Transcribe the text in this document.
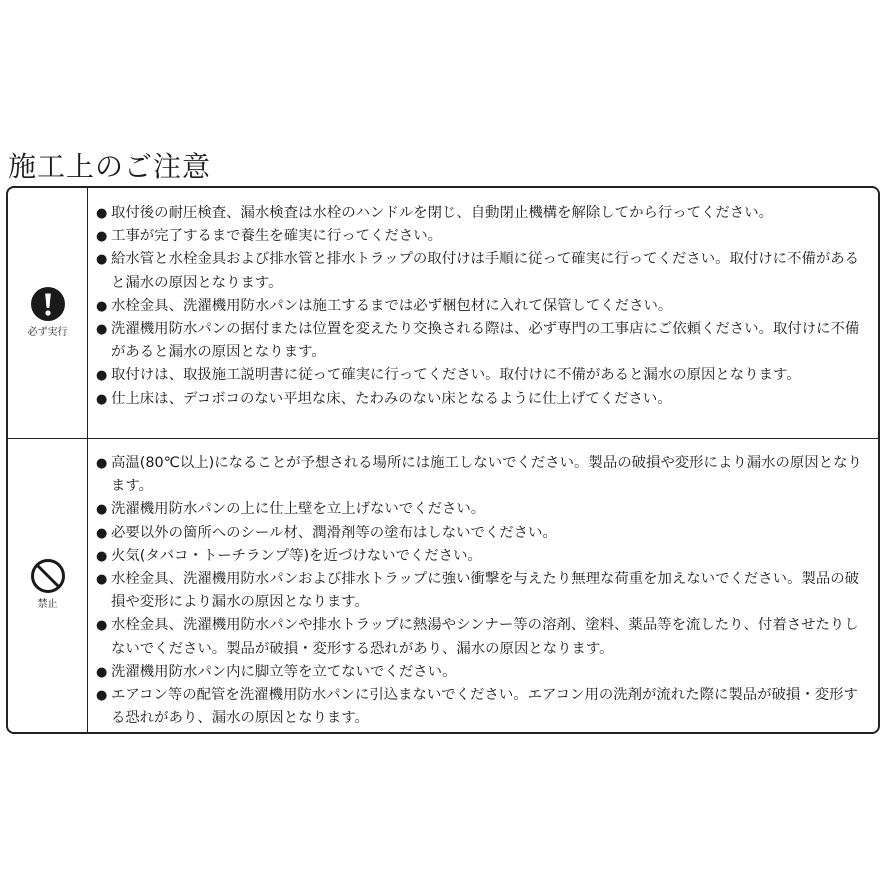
施工上のご注意
必ず実行
● 取付後の耐圧検査、漏水検査は水栓のハンドルを閉じ、自動閉止機構を解除してから行ってください。
● 工事が完了するまで養生を確実に行ってください。
● 給水管と水栓金具および排水管と排水トラップの取付けは手順に従って確実に行ってください。取付けに不備があると漏水の原因となります。
● 水栓金具、洗濯機用防水パンは施工するまでは必ず梱包材に入れて保管してください。
● 洗濯機用防水パンの据付または位置を変えたり交換される際は、必ず専門の工事店にご依頼ください。取付けに不備があると漏水の原因となります。
● 取付けは、取扱施工説明書に従って確実に行ってください。取付けに不備があると漏水の原因となります。
● 仕上床は、デコボコのない平坦な床、たわみのない床となるように仕上げてください。
禁止
● 高温(80℃以上)になることが予想される場所には施工しないでください。製品の破損や変形により漏水の原因となります。
● 洗濯機用防水パンの上に仕上壁を立上げないでください。
● 必要以外の箇所へのシール材、潤滑剤等の塗布はしないでください。
● 火気(タバコ・トーチランプ等)を近づけないでください。
● 水栓金具、洗濯機用防水パンおよび排水トラップに強い衝撃を与えたり無理な荷重を加えないでください。製品の破損や変形により漏水の原因となります。
● 水栓金具、洗濯機用防水パンや排水トラップに熱湯やシンナー等の溶剤、塗料、薬品等を流したり、付着させたりしないでください。製品が破損・変形する恐れがあり、漏水の原因となります。
● 洗濯機用防水パン内に脚立等を立てないでください。
● エアコン等の配管を洗濯機用防水パンに引込まないでください。エアコン用の洗剤が流れた際に製品が破損・変形する恐れがあり、漏水の原因となります。
